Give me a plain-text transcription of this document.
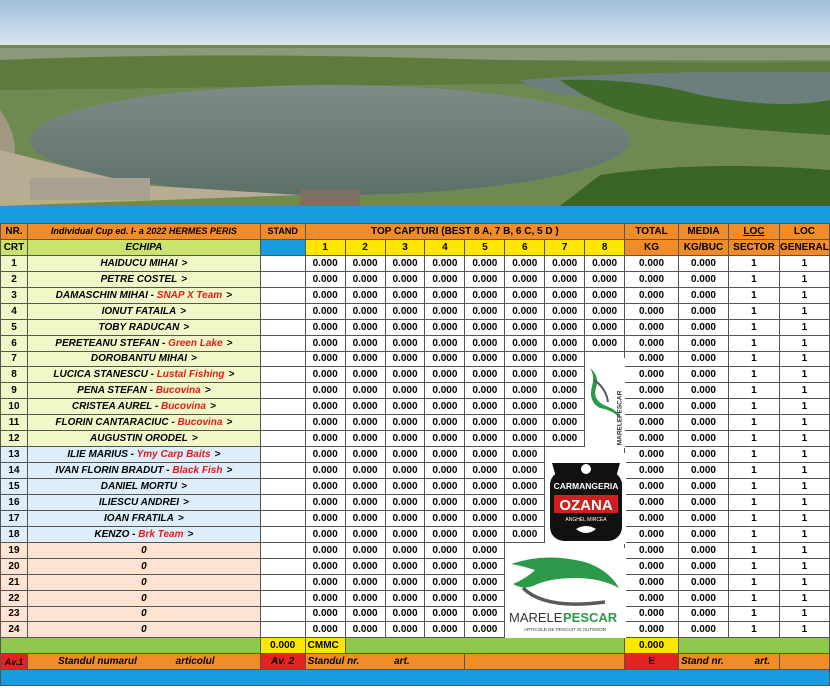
NR.	Individual Cup ed. I- a 2022 HERMES PERIS	STAND	TOP CAPTURI (BEST 8 A, 7 B, 6 C, 5 D )								TOTAL	MEDIA	LOC	LOC
CRT	ECHIPA		1	2	3	4	5	6	7	8	KG	KG/BUC	SECTOR	GENERAL
1	HAIDUCU MIHAI >		0.000	0.000	0.000	0.000	0.000	0.000	0.000	0.000	0.000	0.000	1	1
2	PETRE COSTEL >		0.000	0.000	0.000	0.000	0.000	0.000	0.000	0.000	0.000	0.000	1	1
3	DAMASCHIN MIHAI - SNAP X Team >		0.000	0.000	0.000	0.000	0.000	0.000	0.000	0.000	0.000	0.000	1	1
4	IONUT FATAILA >		0.000	0.000	0.000	0.000	0.000	0.000	0.000	0.000	0.000	0.000	1	1
5	TOBY RADUCAN >		0.000	0.000	0.000	0.000	0.000	0.000	0.000	0.000	0.000	0.000	1	1
6	PERETEANU STEFAN - Green Lake >		0.000	0.000	0.000	0.000	0.000	0.000	0.000	0.000	0.000	0.000	1	1
7	DOROBANTU MIHAI >		0.000	0.000	0.000	0.000	0.000	0.000	0.000		0.000	0.000	1	1
8	LUCICA STANESCU - Lustal Fishing >		0.000	0.000	0.000	0.000	0.000	0.000	0.000		0.000	0.000	1	1
9	PENA STEFAN - Bucovina >		0.000	0.000	0.000	0.000	0.000	0.000	0.000		0.000	0.000	1	1
10	CRISTEA AUREL - Bucovina >		0.000	0.000	0.000	0.000	0.000	0.000	0.000		0.000	0.000	1	1
11	FLORIN CANTARACIUC - Bucovina >		0.000	0.000	0.000	0.000	0.000	0.000	0.000		0.000	0.000	1	1
12	AUGUSTIN ORODEL >		0.000	0.000	0.000	0.000	0.000	0.000	0.000		0.000	0.000	1	1
13	ILIE MARIUS - Ymy Carp Baits >		0.000	0.000	0.000	0.000	0.000	0.000			0.000	0.000	1	1
14	IVAN FLORIN BRADUT - Black Fish >		0.000	0.000	0.000	0.000	0.000	0.000			0.000	0.000	1	1
15	DANIEL MORTU >		0.000	0.000	0.000	0.000	0.000	0.000			0.000	0.000	1	1
16	ILIESCU ANDREI >		0.000	0.000	0.000	0.000	0.000	0.000			0.000	0.000	1	1
17	IOAN FRATILA >		0.000	0.000	0.000	0.000	0.000	0.000			0.000	0.000	1	1
18	KENZO - Brk Team >		0.000	0.000	0.000	0.000	0.000	0.000			0.000	0.000	1	1
19	0		0.000	0.000	0.000	0.000	0.000				0.000	0.000	1	1
20	0		0.000	0.000	0.000	0.000	0.000				0.000	0.000	1	1
21	0		0.000	0.000	0.000	0.000	0.000				0.000	0.000	1	1
22	0		0.000	0.000	0.000	0.000	0.000				0.000	0.000	1	1
23	0		0.000	0.000	0.000	0.000	0.000				0.000	0.000	1	1
24	0		0.000	0.000	0.000	0.000	0.000				0.000	0.000	1	1
		0.000	CMMC								0.000			
Av.1	Standul numarul articolul	Av. 2	Standul nr. art.								E	Stand nr. art.		

MARELEPESCAR
CARMANGERIA
OZANA
ANGHEL MIRCEA
MARELE PESCAR
ARTICOLE DE PESCUIT SI OUTDOOR
